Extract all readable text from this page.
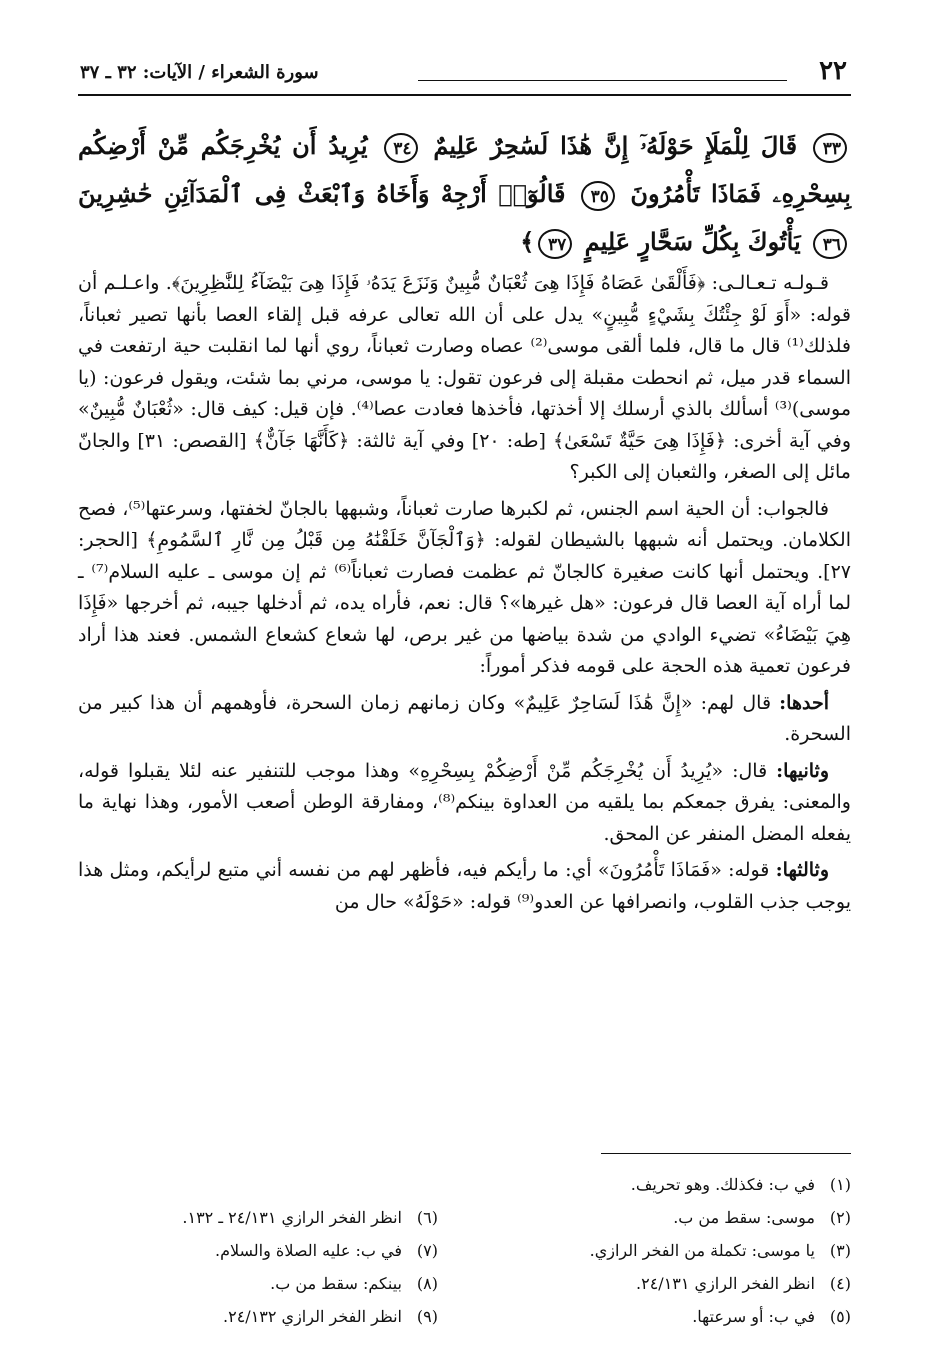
٢٢
سورة الشعراء / الآيات: ٣٢ ـ ٣٧
٣٣ قَالَ لِلْمَلَإِ حَوْلَهُۥٓ إِنَّ هَٰذَا لَسَٰحِرٌ عَلِيمٌ ٣٤ يُرِيدُ أَن يُخْرِجَكُم مِّنْ أَرْضِكُم بِسِحْرِهِۦ فَمَاذَا تَأْمُرُونَ ٣٥ قَالُوٓا۟ أَرْجِهْ وَأَخَاهُ وَٱبْعَثْ فِى ٱلْمَدَآئِنِ حَٰشِرِينَ ٣٦ يَأْتُوكَ بِكُلِّ سَحَّارٍ عَلِيمٍ ٣٧﴾

قـولـه تـعـالـى: ﴿فَأَلْقَىٰ عَصَاهُ فَإِذَا هِىَ ثُعْبَانٌ مُّبِينٌ وَنَزَعَ يَدَهُۥ فَإِذَا هِىَ بَيْضَآءُ لِلنَّٰظِرِينَ﴾. واعـلـم أن قوله: «أَوَ لَوْ جِئْتُكَ بِشَيْءٍ مُّبِينٍ» يدل على أن الله تعالى عرفه قبل إلقاء العصا بأنها تصير ثعباناً، فلذلك⁽¹⁾ قال ما قال، فلما ألقى موسى⁽²⁾ عصاه وصارت ثعباناً، روي أنها لما انقلبت حية ارتفعت في السماء قدر ميل، ثم انحطت مقبلة إلى فرعون تقول: يا موسى، مرني بما شئت، ويقول فرعون: (يا موسى)⁽³⁾ أسألك بالذي أرسلك إلا أخذتها، فأخذها فعادت عصا⁽⁴⁾. فإن قيل: كيف قال: «ثُعْبَانٌ مُّبِينٌ» وفي آية أخرى: ﴿فَإِذَا هِىَ حَيَّةٌ تَسْعَىٰ﴾ [طه: ٢٠] وفي آية ثالثة: ﴿كَأَنَّهَا جَآنٌّ﴾ [القصص: ٣١] والجانّ مائل إلى الصغر، والثعبان إلى الكبر؟

فالجواب: أن الحية اسم الجنس، ثم لكبرها صارت ثعباناً، وشبهها بالجانّ لخفتها، وسرعتها⁽⁵⁾، فصح الكلامان. ويحتمل أنه شبهها بالشيطان لقوله: ﴿وَٱلْجَآنَّ خَلَقْنَٰهُ مِن قَبْلُ مِن نَّارِ ٱلسَّمُومِ﴾ [الحجر: ٢٧]. ويحتمل أنها كانت صغيرة كالجانّ ثم عظمت فصارت ثعباناً⁽⁶⁾ ثم إن موسى ـ عليه السلام⁽⁷⁾ ـ لما أراه آية العصا قال فرعون: «هل غيرها»؟ قال: نعم، فأراه يده، ثم أدخلها جيبه، ثم أخرجها «فَإِذَا هِيَ بَيْضَاءُ» تضيء الوادي من شدة بياضها من غير برص، لها شعاع كشعاع الشمس. فعند هذا أراد فرعون تعمية هذه الحجة على قومه فذكر أموراً:

أحدها: قال لهم: «إِنَّ هَٰذَا لَسَاحِرٌ عَلِيمٌ» وكان زمانهم زمان السحرة، فأوهمهم أن هذا كبير من السحرة.

وثانيها: قال: «يُرِيدُ أَن يُخْرِجَكُم مِّنْ أَرْضِكُمْ بِسِحْرِهِ» وهذا موجب للتنفير عنه لئلا يقبلوا قوله، والمعنى: يفرق جمعكم بما يلقيه من العداوة بينكم⁽⁸⁾، ومفارقة الوطن أصعب الأمور، وهذا نهاية ما يفعله المضل المنفر عن المحق.

وثالثها: قوله: «فَمَاذَا تَأْمُرُونَ» أي: ما رأيكم فيه، فأظهر لهم من نفسه أني متبع لرأيكم، ومثل هذا يوجب جذب القلوب، وانصرافها عن العدو⁽⁹⁾ قوله: «حَوْلَهُ» حال من

(١)في ب: فكذلك. وهو تحريف.
(٢)موسى: سقط من ب.
(٣)يا موسى: تكملة من الفخر الرازي.
(٤)انظر الفخر الرازي ٢٤/١٣١.
(٥)في ب: أو سرعتها.
(٦)انظر الفخر الرازي ٢٤/١٣١ ـ ١٣٢.
(٧)في ب: عليه الصلاة والسلام.
(٨)بينكم: سقط من ب.
(٩)انظر الفخر الرازي ٢٤/١٣٢.
